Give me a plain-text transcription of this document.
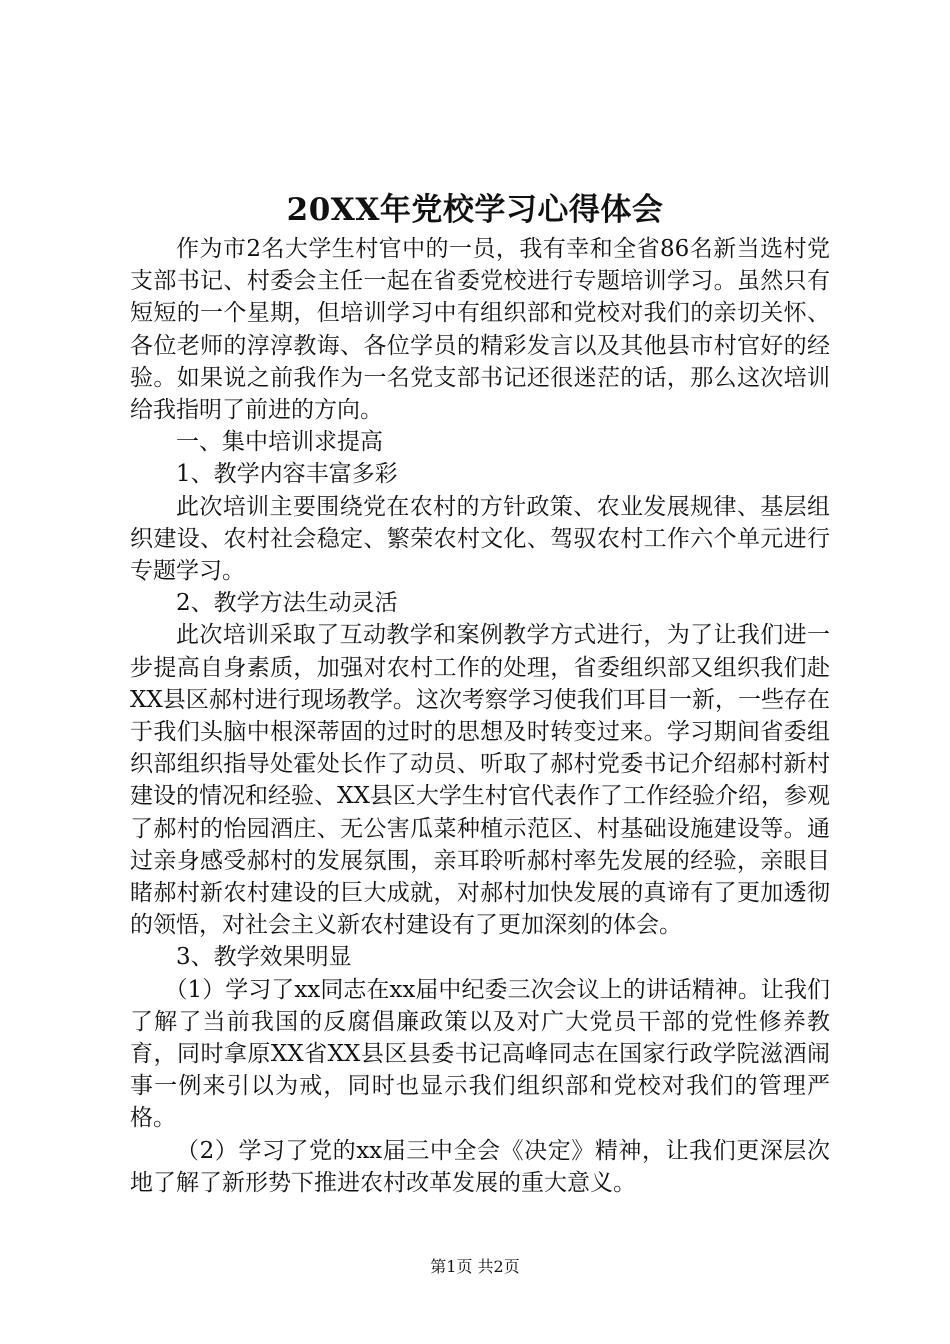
20XX年党校学习心得体会

作为市2名大学生村官中的一员，我有幸和全省86名新当选村党支部书记、村委会主任一起在省委党校进行专题培训学习。虽然只有短短的一个星期，但培训学习中有组织部和党校对我们的亲切关怀、各位老师的淳淳教诲、各位学员的精彩发言以及其他县市村官好的经验。如果说之前我作为一名党支部书记还很迷茫的话，那么这次培训给我指明了前进的方向。

一、集中培训求提高

1、教学内容丰富多彩

此次培训主要围绕党在农村的方针政策、农业发展规律、基层组织建设、农村社会稳定、繁荣农村文化、驾驭农村工作六个单元进行专题学习。

2、教学方法生动灵活

此次培训采取了互动教学和案例教学方式进行，为了让我们进一步提高自身素质，加强对农村工作的处理，省委组织部又组织我们赴XX县区郝村进行现场教学。这次考察学习使我们耳目一新，一些存在于我们头脑中根深蒂固的过时的思想及时转变过来。学习期间省委组织部组织指导处霍处长作了动员、听取了郝村党委书记介绍郝村新村建设的情况和经验、XX县区大学生村官代表作了工作经验介绍，参观了郝村的怡园酒庄、无公害瓜菜种植示范区、村基础设施建设等。通过亲身感受郝村的发展氛围，亲耳聆听郝村率先发展的经验，亲眼目睹郝村新农村建设的巨大成就，对郝村加快发展的真谛有了更加透彻的领悟，对社会主义新农村建设有了更加深刻的体会。

3、教学效果明显

（1）学习了xx同志在xx届中纪委三次会议上的讲话精神。让我们了解了当前我国的反腐倡廉政策以及对广大党员干部的党性修养教育，同时拿原XX省XX县区县委书记高峰同志在国家行政学院滋酒闹事一例来引以为戒，同时也显示我们组织部和党校对我们的管理严格。

（2）学习了党的xx届三中全会《决定》精神，让我们更深层次地了解了新形势下推进农村改革发展的重大意义。

第1页 共2页
